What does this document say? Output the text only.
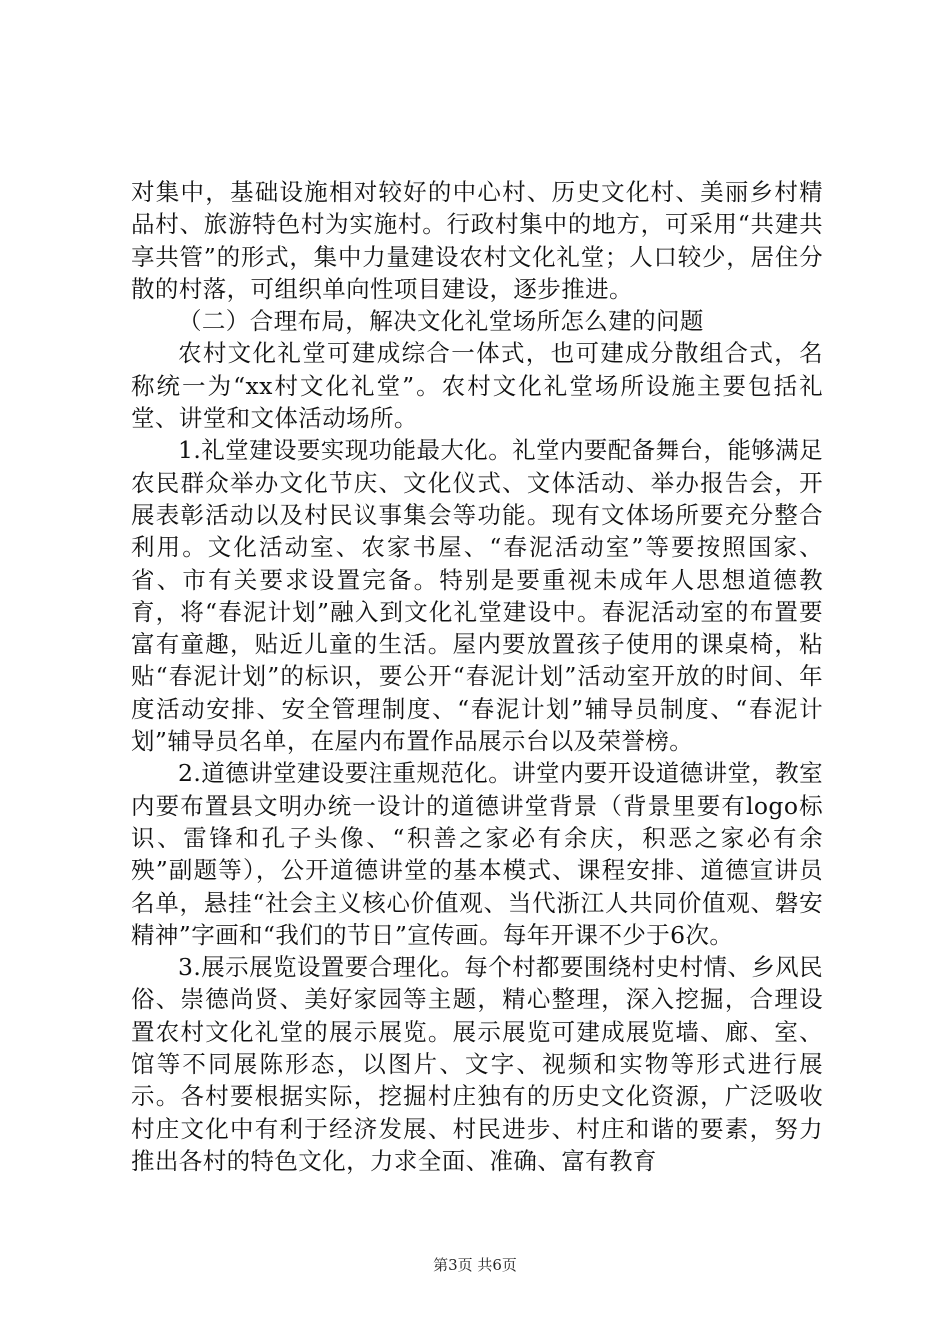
对集中，基础设施相对较好的中心村、历史文化村、美丽乡村精品村、旅游特色村为实施村。行政村集中的地方，可采用“共建共享共管”的形式，集中力量建设农村文化礼堂；人口较少，居住分散的村落，可组织单向性项目建设，逐步推进。

（二）合理布局，解决文化礼堂场所怎么建的问题

农村文化礼堂可建成综合一体式，也可建成分散组合式，名称统一为“xx村文化礼堂”。农村文化礼堂场所设施主要包括礼堂、讲堂和文体活动场所。

1.礼堂建设要实现功能最大化。礼堂内要配备舞台，能够满足农民群众举办文化节庆、文化仪式、文体活动、举办报告会，开展表彰活动以及村民议事集会等功能。现有文体场所要充分整合利用。文化活动室、农家书屋、“春泥活动室”等要按照国家、省、市有关要求设置完备。特别是要重视未成年人思想道德教育，将“春泥计划”融入到文化礼堂建设中。春泥活动室的布置要富有童趣，贴近儿童的生活。屋内要放置孩子使用的课桌椅，粘贴“春泥计划”的标识，要公开“春泥计划”活动室开放的时间、年度活动安排、安全管理制度、“春泥计划”辅导员制度、“春泥计划”辅导员名单，在屋内布置作品展示台以及荣誉榜。

2.道德讲堂建设要注重规范化。讲堂内要开设道德讲堂，教室内要布置县文明办统一设计的道德讲堂背景（背景里要有logo标识、雷锋和孔子头像、“积善之家必有余庆，积恶之家必有余殃”副题等），公开道德讲堂的基本模式、课程安排、道德宣讲员名单，悬挂“社会主义核心价值观、当代浙江人共同价值观、磐安精神”字画和“我们的节日”宣传画。每年开课不少于6次。

3.展示展览设置要合理化。每个村都要围绕村史村情、乡风民俗、崇德尚贤、美好家园等主题，精心整理，深入挖掘，合理设置农村文化礼堂的展示展览。展示展览可建成展览墙、廊、室、馆等不同展陈形态，以图片、文字、视频和实物等形式进行展示。各村要根据实际，挖掘村庄独有的历史文化资源，广泛吸收村庄文化中有利于经济发展、村民进步、村庄和谐的要素，努力推出各村的特色文化，力求全面、准确、富有教育

第3页 共6页
